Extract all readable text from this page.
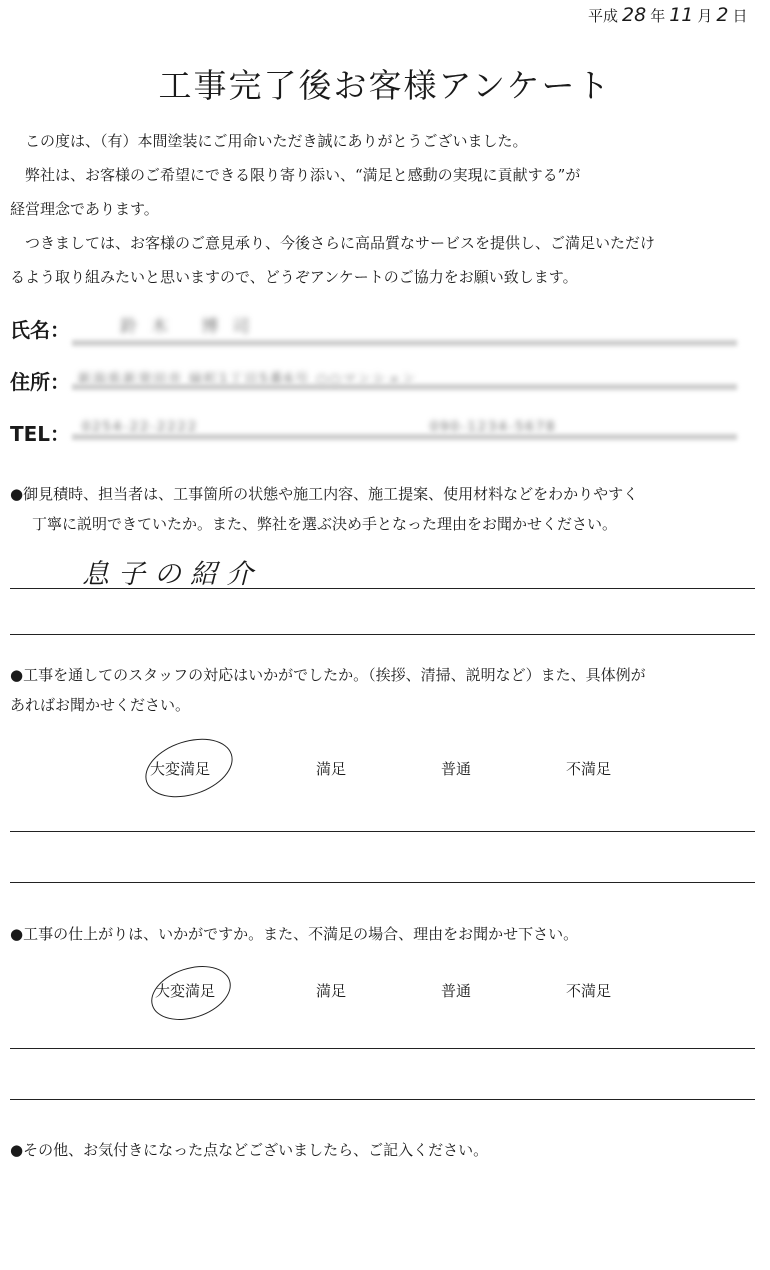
平成 28 年 11 月 2 日
工事完了後お客様アンケート

この度は、（有）本間塗装にご用命いただき誠にありがとうございました。

弊社は、お客様のご希望にできる限り寄り添い、“満足と感動の実現に貢献する”が

経営理念であります。

つきましては、お客様のご意見承り、今後さらに高品質なサービスを提供し、ご満足いただけ

るよう取り組みたいと思いますので、どうぞアンケートのご協力をお願い致します。

氏名：	鈴木 博司
住所： 新潟県新発田市 緑町1丁目5番6号 ○○マンション
TEL： 0254-22-2222	090-1234-5678

●御見積時、担当者は、工事箇所の状態や施工内容、施工提案、使用材料などをわかりやすく

丁寧に説明できていたか。また、弊社を選ぶ決め手となった理由をお聞かせください。

息子の紹介

●工事を通してのスタッフの対応はいかがでしたか。（挨拶、清掃、説明など）また、具体例が

あればお聞かせください。

大変満足	満足	普通	不満足

●工事の仕上がりは、いかがですか。また、不満足の場合、理由をお聞かせ下さい。

大変満足	満足	普通	不満足

●その他、お気付きになった点などございましたら、ご記入ください。
